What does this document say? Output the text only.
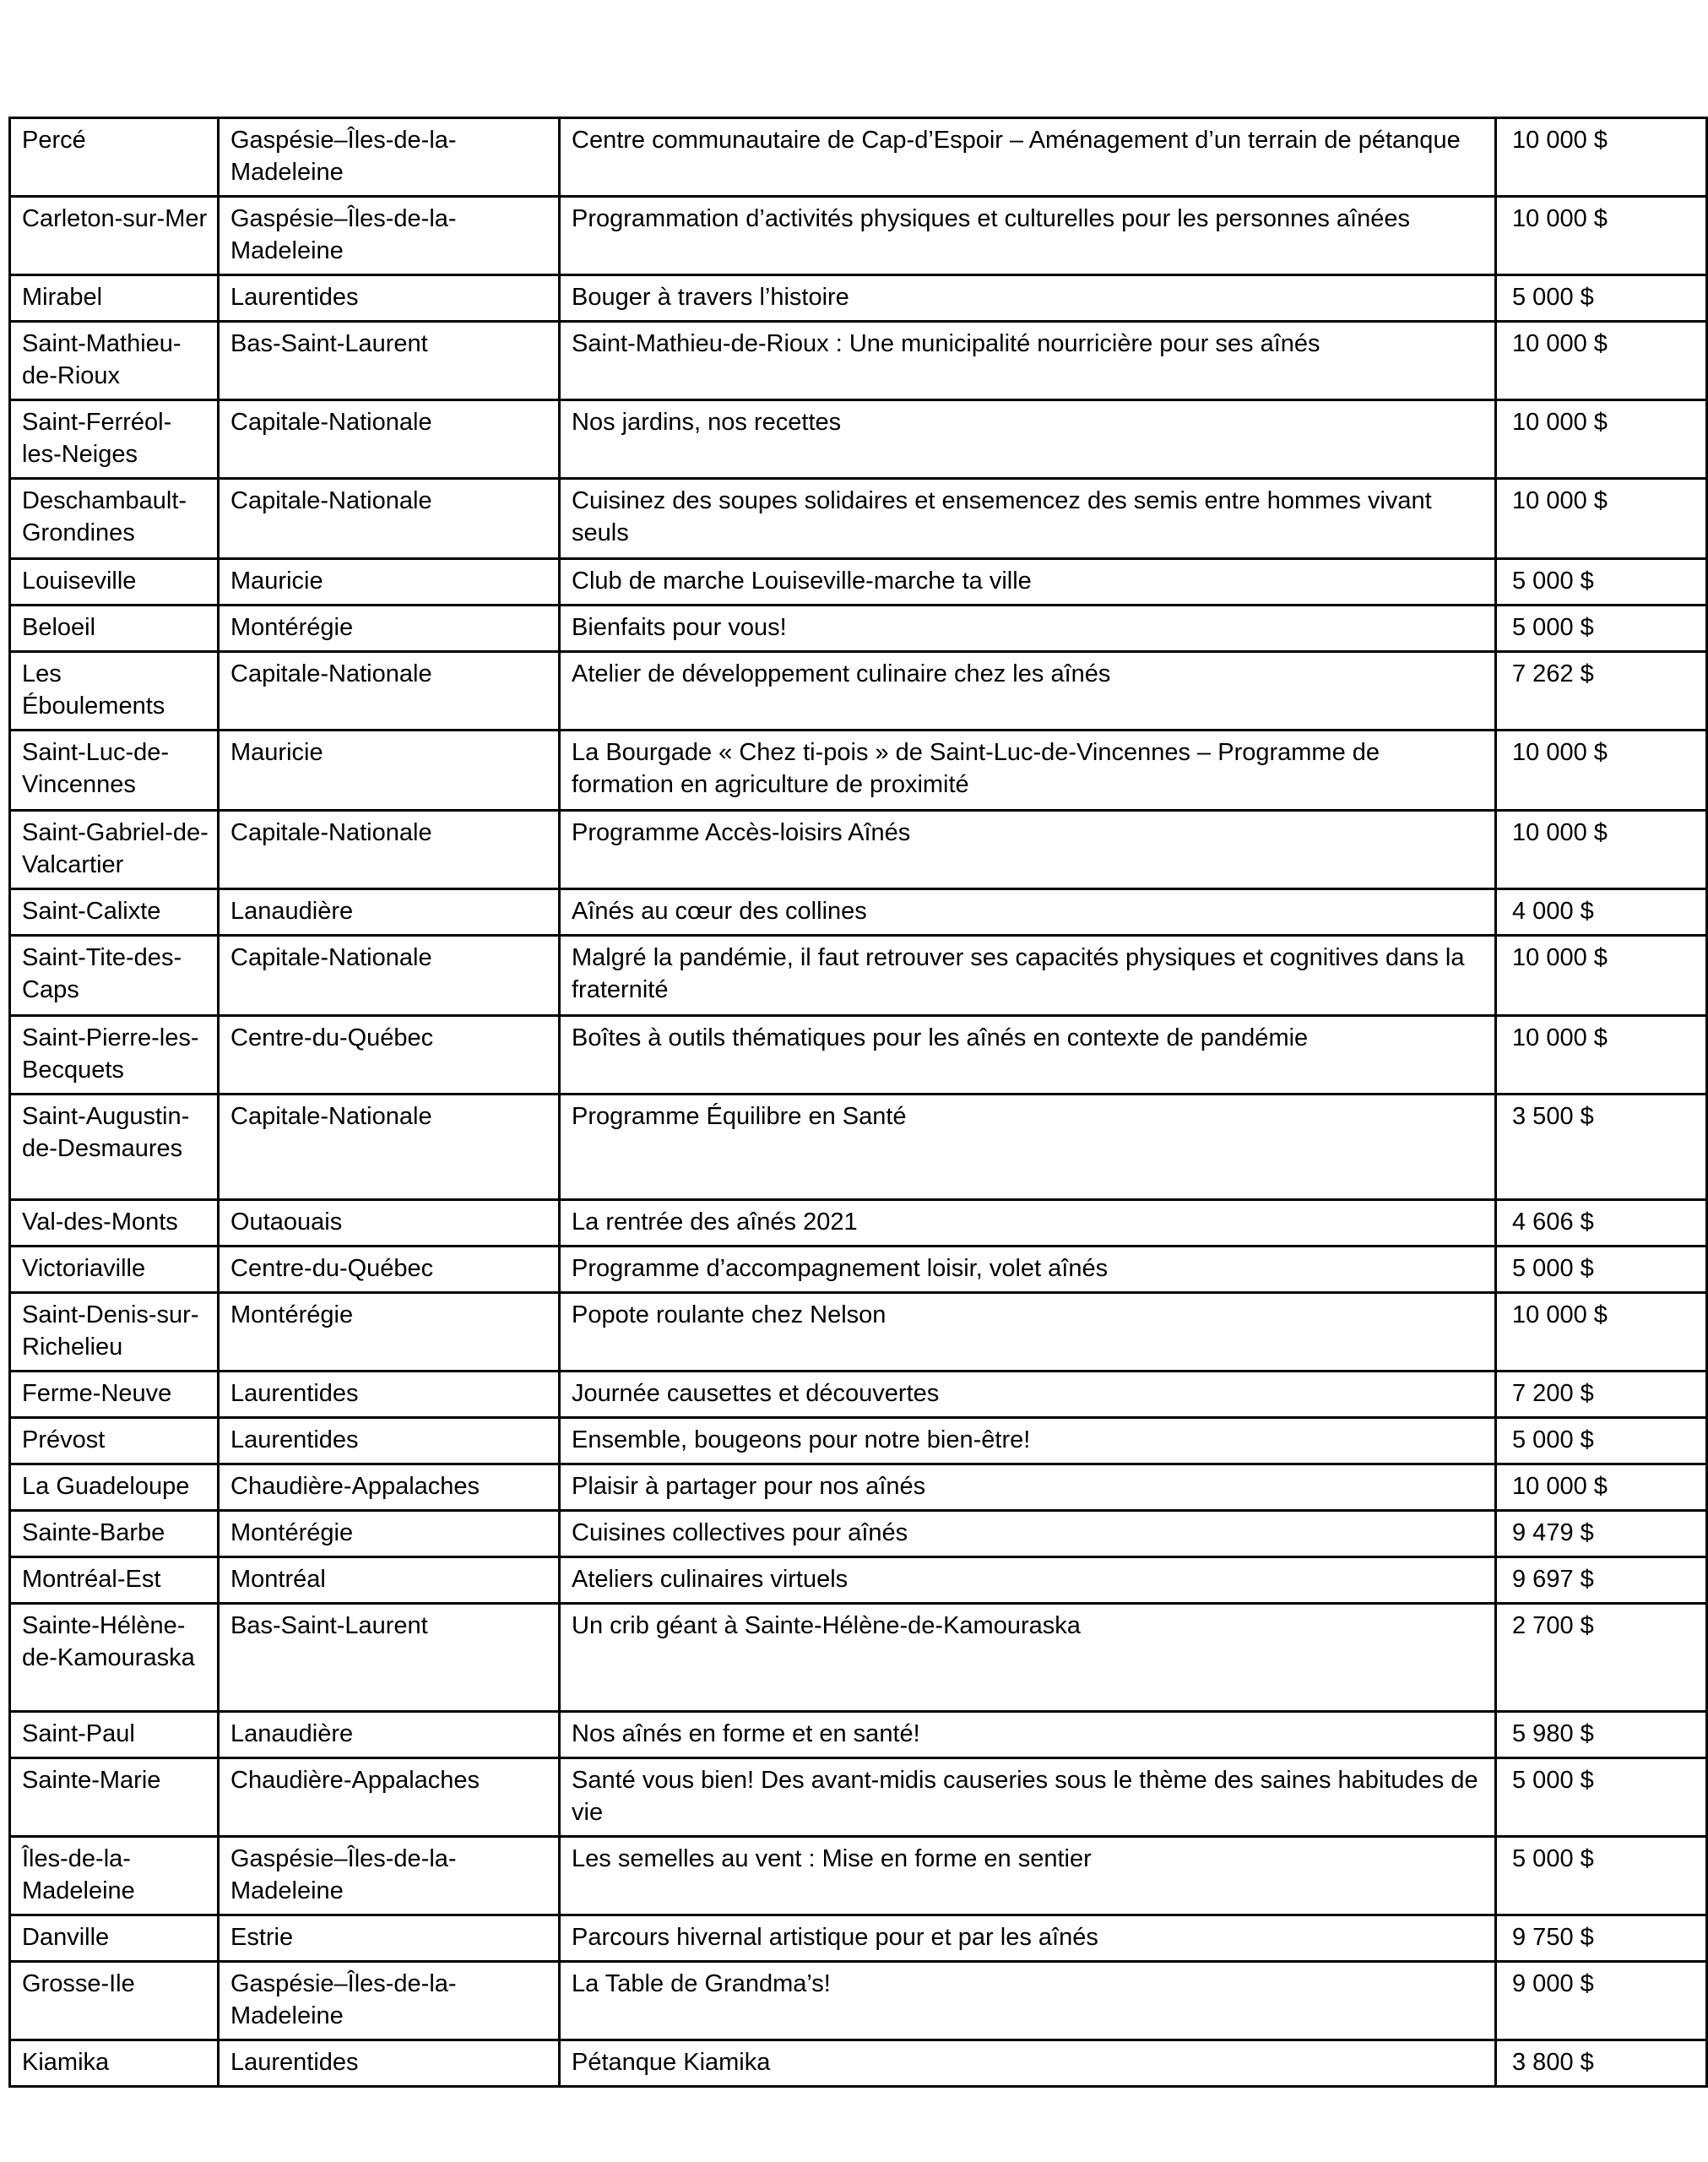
Percé	Gaspésie–Îles-de-la-Madeleine	Centre communautaire de Cap-d’Espoir – Aménagement d’un terrain de pétanque	10 000 $
Carleton-sur-Mer	Gaspésie–Îles-de-la-Madeleine	Programmation d’activités physiques et culturelles pour les personnes aînées	10 000 $
Mirabel	Laurentides	Bouger à travers l’histoire	5 000 $
Saint-Mathieu-de-Rioux	Bas-Saint-Laurent	Saint-Mathieu-de-Rioux : Une municipalité nourricière pour ses aînés	10 000 $
Saint-Ferréol-les-Neiges	Capitale-Nationale	Nos jardins, nos recettes	10 000 $
Deschambault-Grondines	Capitale-Nationale	Cuisinez des soupes solidaires et ensemencez des semis entre hommes vivant seuls	10 000 $
Louiseville	Mauricie	Club de marche Louiseville-marche ta ville	5 000 $
Beloeil	Montérégie	Bienfaits pour vous!	5 000 $
Les Éboulements	Capitale-Nationale	Atelier de développement culinaire chez les aînés	7 262 $
Saint-Luc-de-Vincennes	Mauricie	La Bourgade « Chez ti-pois » de Saint-Luc-de-Vincennes – Programme de formation en agriculture de proximité	10 000 $
Saint-Gabriel-de-Valcartier	Capitale-Nationale	Programme Accès-loisirs Aînés	10 000 $
Saint-Calixte	Lanaudière	Aînés au cœur des collines	4 000 $
Saint-Tite-des-Caps	Capitale-Nationale	Malgré la pandémie, il faut retrouver ses capacités physiques et cognitives dans la fraternité	10 000 $
Saint-Pierre-les-Becquets	Centre-du-Québec	Boîtes à outils thématiques pour les aînés en contexte de pandémie	10 000 $
Saint-Augustin-de-Desmaures	Capitale-Nationale	Programme Équilibre en Santé	3 500 $
Val-des-Monts	Outaouais	La rentrée des aînés 2021	4 606 $
Victoriaville	Centre-du-Québec	Programme d’accompagnement loisir, volet aînés	5 000 $
Saint-Denis-sur-Richelieu	Montérégie	Popote roulante chez Nelson	10 000 $
Ferme-Neuve	Laurentides	Journée causettes et découvertes	7 200 $
Prévost	Laurentides	Ensemble, bougeons pour notre bien-être!	5 000 $
La Guadeloupe	Chaudière-Appalaches	Plaisir à partager pour nos aînés	10 000 $
Sainte-Barbe	Montérégie	Cuisines collectives pour aînés	9 479 $
Montréal-Est	Montréal	Ateliers culinaires virtuels	9 697 $
Sainte-Hélène-de-Kamouraska	Bas-Saint-Laurent	Un crib géant à Sainte-Hélène-de-Kamouraska	2 700 $
Saint-Paul	Lanaudière	Nos aînés en forme et en santé!	5 980 $
Sainte-Marie	Chaudière-Appalaches	Santé vous bien! Des avant-midis causeries sous le thème des saines habitudes de vie	5 000 $
Îles-de-la-Madeleine	Gaspésie–Îles-de-la-Madeleine	Les semelles au vent : Mise en forme en sentier	5 000 $
Danville	Estrie	Parcours hivernal artistique pour et par les aînés	9 750 $
Grosse-Ile	Gaspésie–Îles-de-la-Madeleine	La Table de Grandma’s!	9 000 $
Kiamika	Laurentides	Pétanque Kiamika	3 800 $
